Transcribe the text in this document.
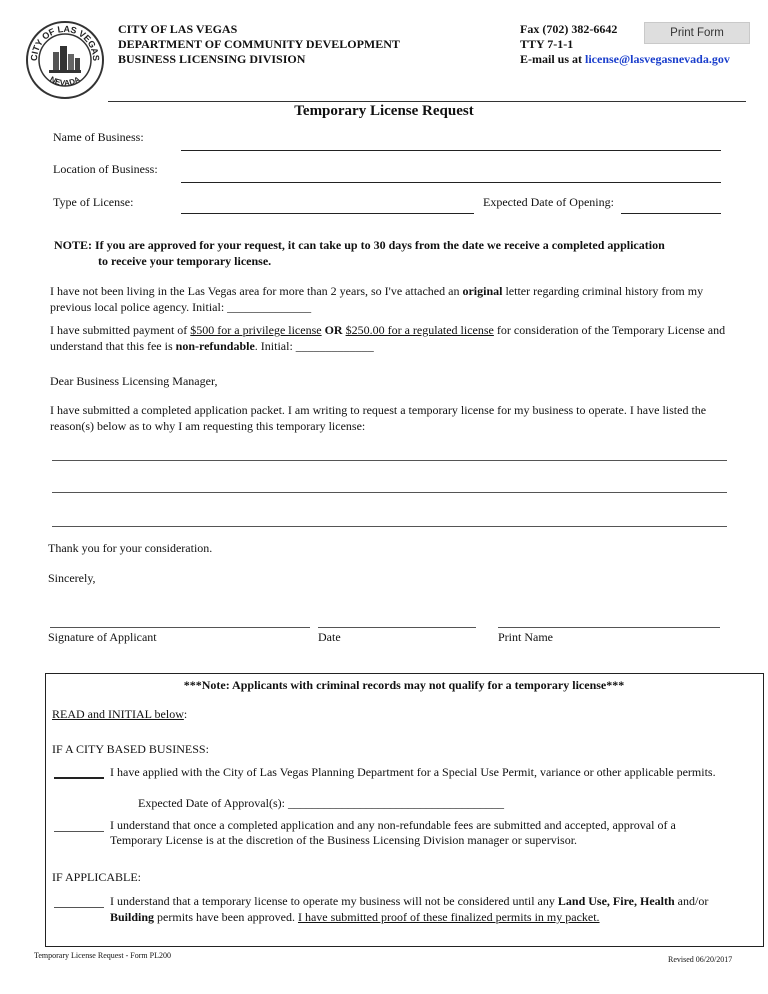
CITY OF LAS VEGAS
NEVADA
CITY OF LAS VEGAS
DEPARTMENT OF COMMUNITY DEVELOPMENT
BUSINESS LICENSING DIVISION
Fax (702) 382-6642
TTY 7-1-1
E-mail us at license@lasvegasnevada.gov
Print Form
Temporary License Request
Name of Business:
Location of Business:
Type of License:	Expected Date of Opening:
NOTE: If you are approved for your request, it can take up to 30 days from the date we receive a completed application
to receive your temporary license.
I have not been living in the Las Vegas area for more than 2 years, so I've attached an original letter regarding criminal history from my previous local police agency. Initial: ______________
I have submitted payment of $500 for a privilege license OR $250.00 for a regulated license for consideration of the Temporary License and understand that this fee is non-refundable. Initial: _____________
Dear Business Licensing Manager,
I have submitted a completed application packet. I am writing to request a temporary license for my business to operate. I have listed the reason(s) below as to why I am requesting this temporary license:
Thank you for your consideration.
Sincerely,
Signature of Applicant	Date	Print Name
***Note: Applicants with criminal records may not qualify for a temporary license***
READ and INITIAL below:
IF A CITY BASED BUSINESS:
I have applied with the City of Las Vegas Planning Department for a Special Use Permit, variance or other applicable permits.
Expected Date of Approval(s): ____________________________________
I understand that once a completed application and any non-refundable fees are submitted and accepted, approval of a Temporary License is at the discretion of the Business Licensing Division manager or supervisor.
IF APPLICABLE:
I understand that a temporary license to operate my business will not be considered until any Land Use, Fire, Health and/or Building permits have been approved. I have submitted proof of these finalized permits in my packet.
Temporary License Request - Form PL200	Revised 06/20/2017
